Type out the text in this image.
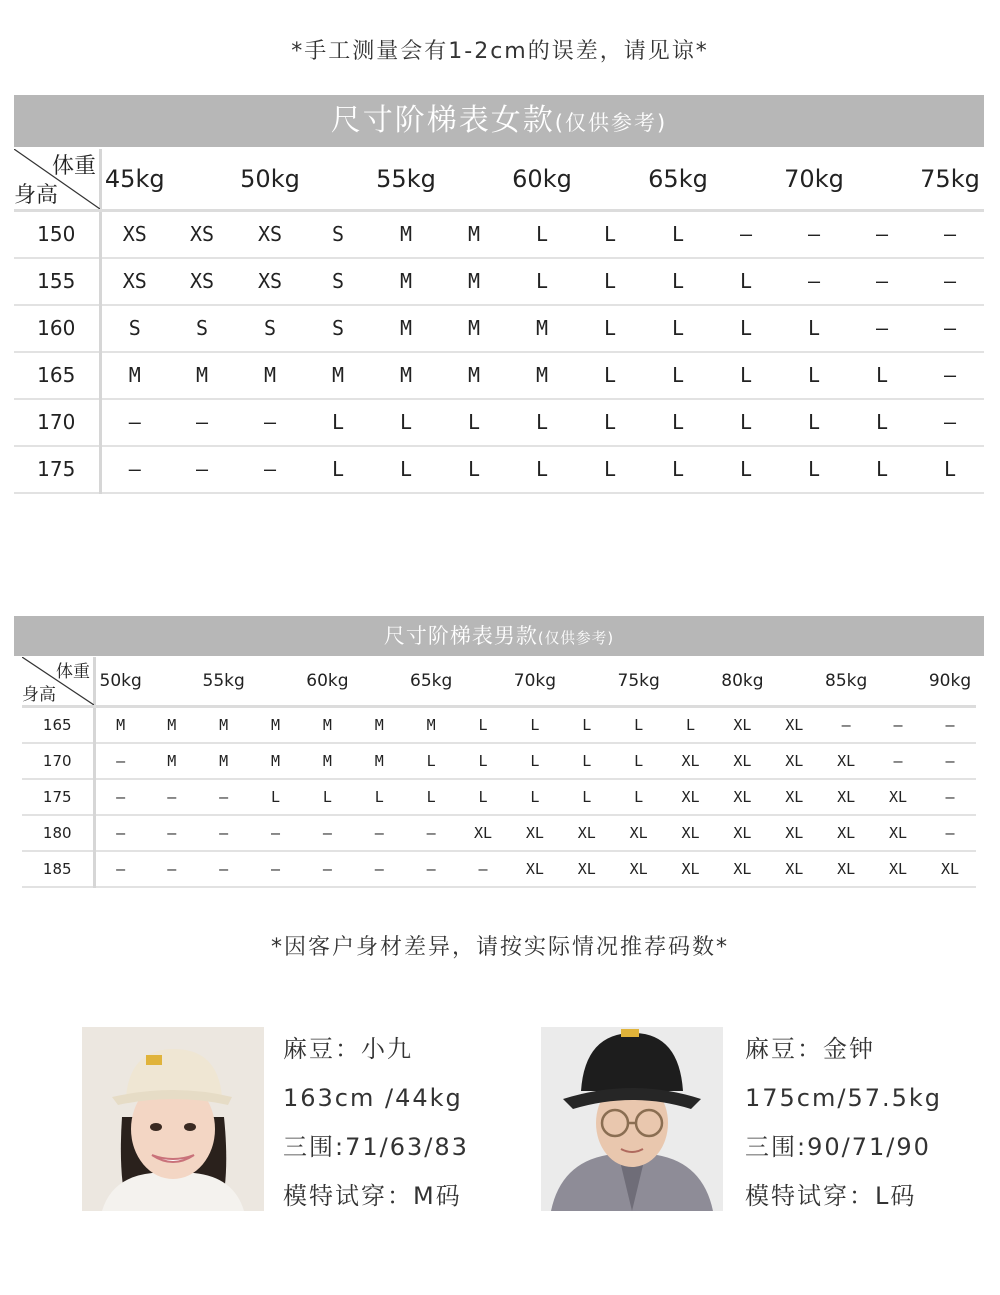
*手工测量会有1-2cm的误差，请见谅*
尺寸阶梯表女款(仅供参考)
体重
身高	45kg		50kg		55kg		60kg		65kg		70kg		75kg
150	XS	XS	XS	S	M	M	L	L	L	–	–	–	–
155	XS	XS	XS	S	M	M	L	L	L	L	–	–	–
160	S	S	S	S	M	M	M	L	L	L	L	–	–
165	M	M	M	M	M	M	M	L	L	L	L	L	–
170	–	–	–	L	L	L	L	L	L	L	L	L	–
175	–	–	–	L	L	L	L	L	L	L	L	L	L
尺寸阶梯表男款(仅供参考)
体重
身高	50kg		55kg		60kg		65kg		70kg		75kg		80kg		85kg		90kg
165	M	M	M	M	M	M	M	L	L	L	L	L	XL	XL	–	–	–
170	–	M	M	M	M	M	L	L	L	L	L	XL	XL	XL	XL	–	–
175	–	–	–	L	L	L	L	L	L	L	L	XL	XL	XL	XL	XL	–
180	–	–	–	–	–	–	–	XL	XL	XL	XL	XL	XL	XL	XL	XL	–
185	–	–	–	–	–	–	–	–	XL	XL	XL	XL	XL	XL	XL	XL	XL
*因客户身材差异，请按实际情况推荐码数*
麻豆：小九
163cm /44kg
三围:71/63/83
模特试穿：M码
麻豆：金钟
175cm/57.5kg
三围:90/71/90
模特试穿：L码
